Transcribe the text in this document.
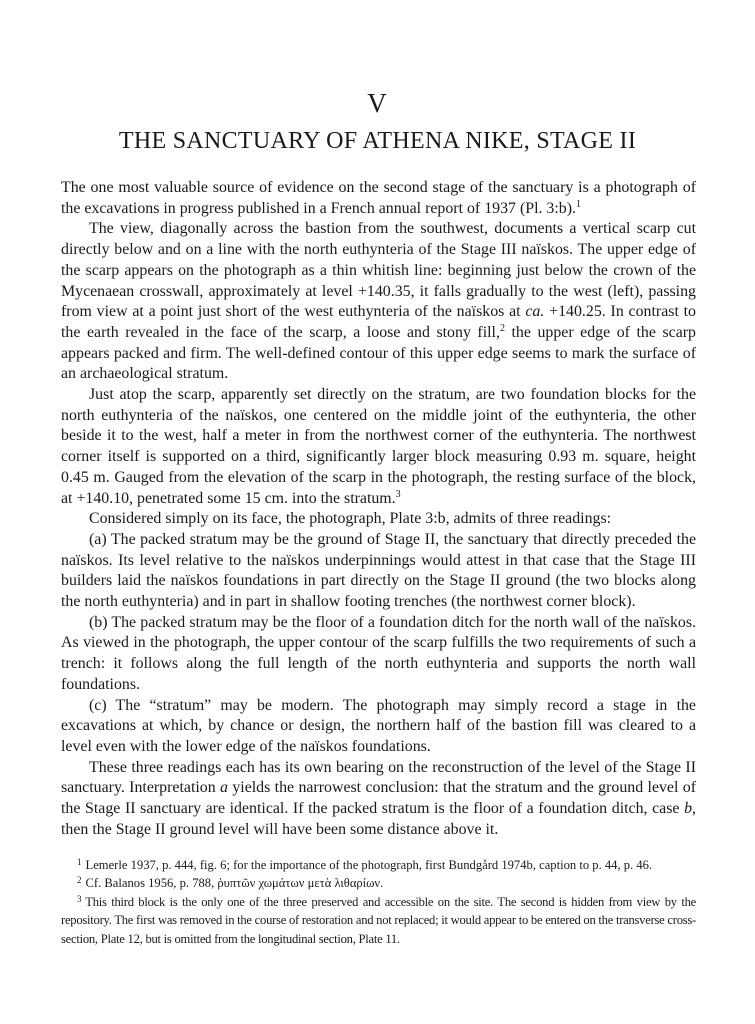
V
THE SANCTUARY OF ATHENA NIKE, STAGE II

The one most valuable source of evidence on the second stage of the sanctuary is a photograph of the excavations in progress published in a French annual report of 1937 (Pl. 3:b).$^1$

The view, diagonally across the bastion from the southwest, documents a vertical scarp cut directly below and on a line with the north euthynteria of the Stage III naïskos. The upper edge of the scarp appears on the photograph as a thin whitish line: beginning just below the crown of the Mycenaean crosswall, approximately at level +140.35, it falls gradually to the west (left), passing from view at a point just short of the west euthynteria of the naïskos at ca. +140.25. In contrast to the earth revealed in the face of the scarp, a loose and stony fill,$^2$ the upper edge of the scarp appears packed and firm. The well-defined contour of this upper edge seems to mark the surface of an archaeological stratum.

Just atop the scarp, apparently set directly on the stratum, are two foundation blocks for the north euthynteria of the naïskos, one centered on the middle joint of the euthynteria, the other beside it to the west, half a meter in from the northwest corner of the euthynteria. The northwest corner itself is supported on a third, significantly larger block measuring 0.93 m. square, height 0.45 m. Gauged from the elevation of the scarp in the photograph, the resting surface of the block, at +140.10, penetrated some 15 cm. into the stratum.$^3$

Considered simply on its face, the photograph, Plate 3:b, admits of three readings:

(a) The packed stratum may be the ground of Stage II, the sanctuary that directly preceded the naïskos. Its level relative to the naïskos underpinnings would attest in that case that the Stage III builders laid the naïskos foundations in part directly on the Stage II ground (the two blocks along the north euthynteria) and in part in shallow footing trenches (the northwest corner block).

(b) The packed stratum may be the floor of a foundation ditch for the north wall of the naïskos. As viewed in the photograph, the upper contour of the scarp fulfills the two requirements of such a trench: it follows along the full length of the north euthynteria and supports the north wall foundations.

(c) The “stratum” may be modern. The photograph may simply record a stage in the excavations at which, by chance or design, the northern half of the bastion fill was cleared to a level even with the lower edge of the naïskos foundations.

These three readings each has its own bearing on the reconstruction of the level of the Stage II sanctuary. Interpretation a yields the narrowest conclusion: that the stratum and the ground level of the Stage II sanctuary are identical. If the packed stratum is the floor of a foundation ditch, case b, then the Stage II ground level will have been some distance above it.

$^1$ Lemerle 1937, p. 444, fig. 6; for the importance of the photograph, first Bundgård 1974b, caption to p. 44, p. 46.

$^2$ Cf. Balanos 1956, p. 788, ῥυπτῶν χωμάτων μετὰ λιθαρίων.

$^3$ This third block is the only one of the three preserved and accessible on the site. The second is hidden from view by the repository. The first was removed in the course of restoration and not replaced; it would appear to be entered on the transverse cross-section, Plate 12, but is omitted from the longitudinal section, Plate 11.
